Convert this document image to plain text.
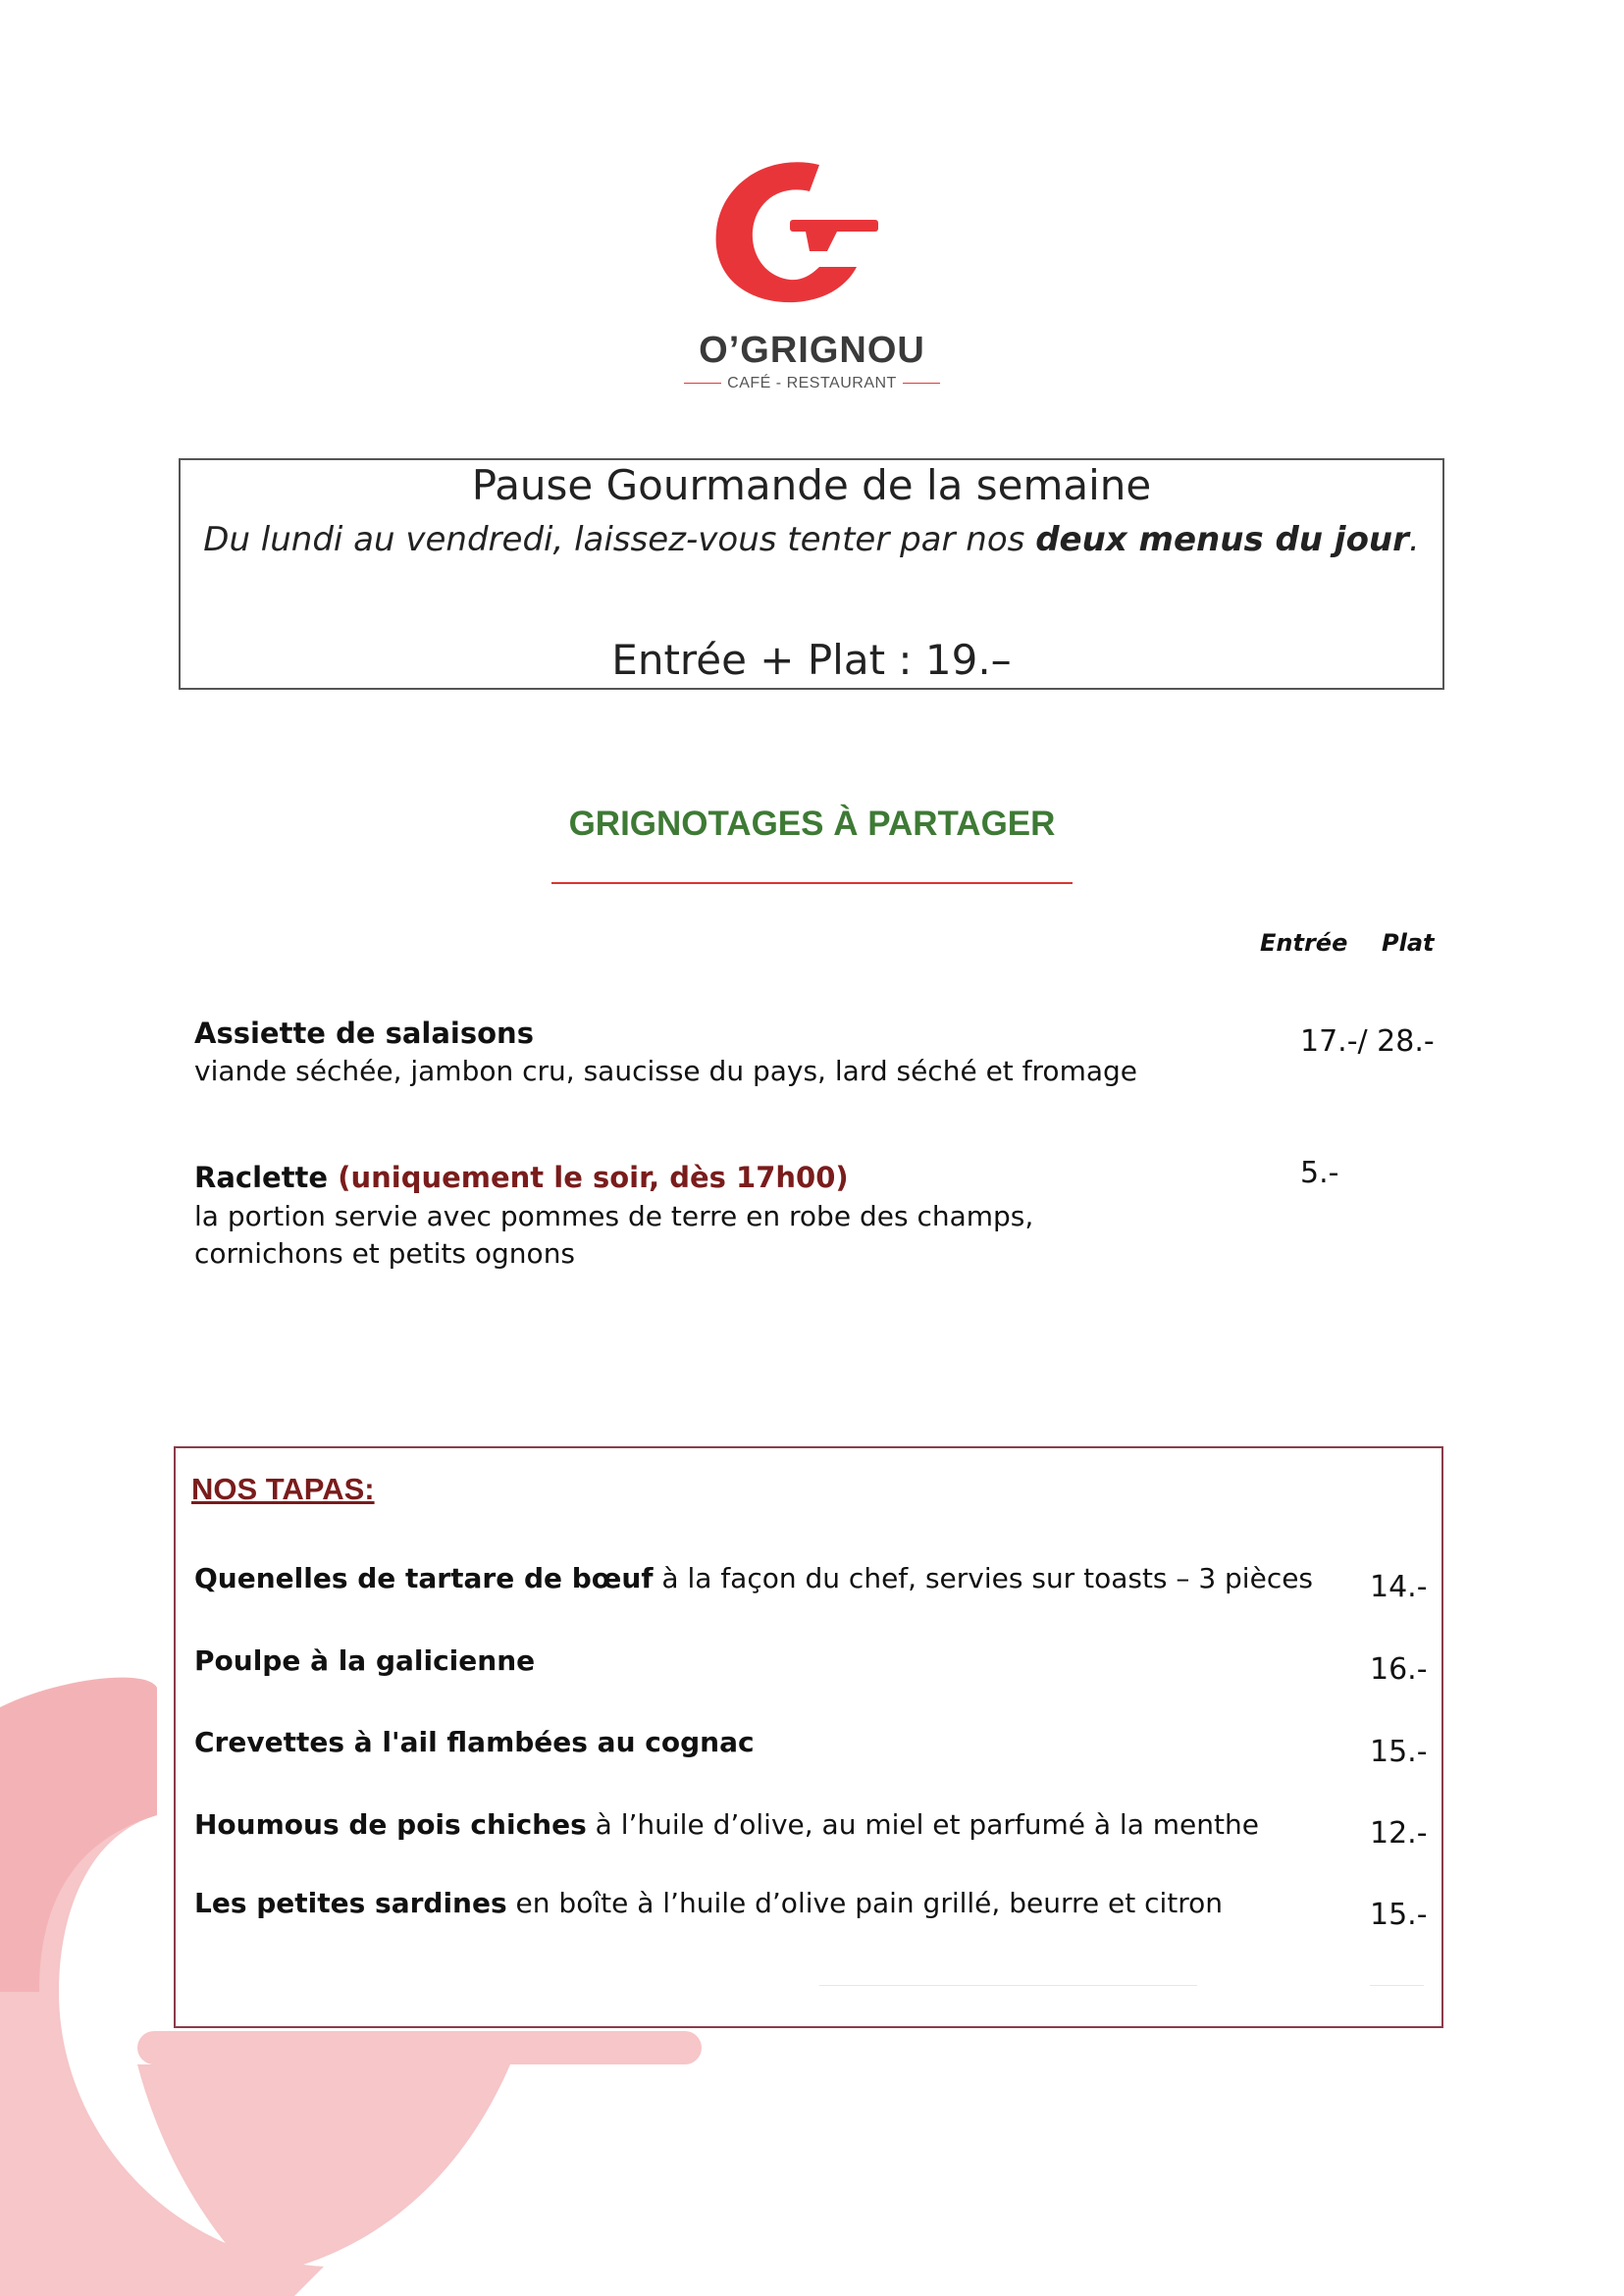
O’GRIGNOU
CAFÉ - RESTAURANT
Pause Gourmande de la semaine
Du lundi au vendredi, laissez-vous tenter par nos deux menus du jour.
Entrée + Plat : 19.–
GRIGNOTAGES À PARTAGER
Entrée Plat
Assiette de salaisons
viande séchée, jambon cru, saucisse du pays, lard séché et fromage
17.-/ 28.-
Raclette (uniquement le soir, dès 17h00)
la portion servie avec pommes de terre en robe des champs,
cornichons et petits ognons
5.-
NOS TAPAS:
Quenelles de tartare de bœuf à la façon du chef, servies sur toasts – 3 pièces 14.-
Poulpe à la galicienne	16.-
Crevettes à l'ail flambées au cognac	15.-
Houmous de pois chiches à l’huile d’olive, au miel et parfumé à la menthe	12.-
Les petites sardines en boîte à l’huile d’olive pain grillé, beurre et citron	15.-
